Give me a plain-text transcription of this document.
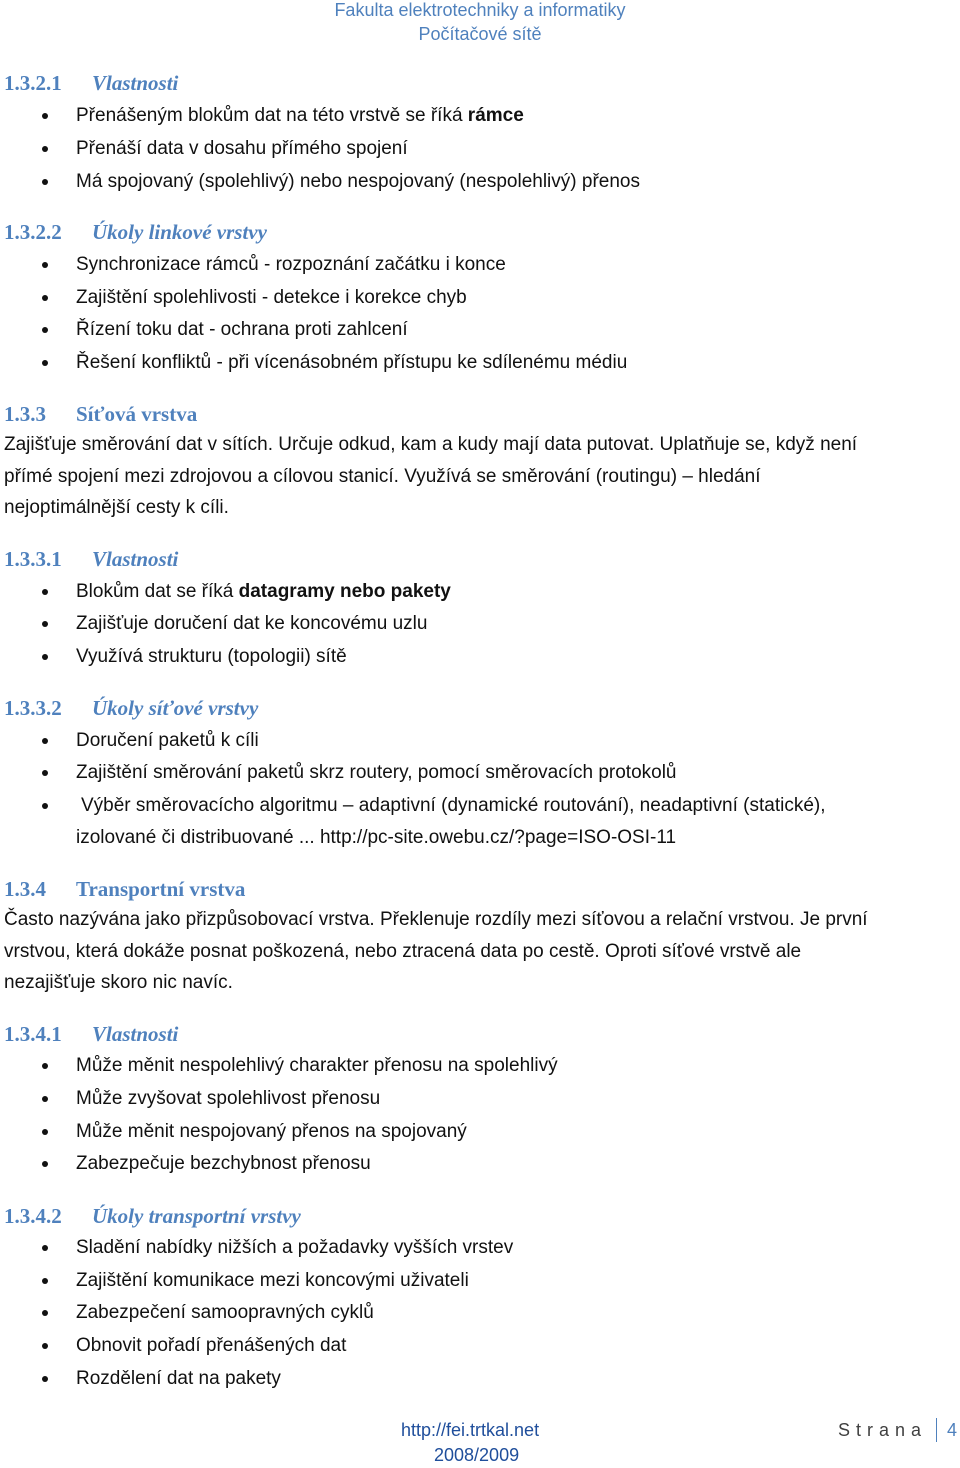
Fakulta elektrotechniky a informatiky
Počítačové sítě
1.3.2.1 Vlastnosti
Přenášeným blokům dat na této vrstvě se říká rámce
Přenáší data v dosahu přímého spojení
Má spojovaný (spolehlivý) nebo nespojovaný (nespolehlivý) přenos
1.3.2.2 Úkoly linkové vrstvy
Synchronizace rámců - rozpoznání začátku i konce
Zajištění spolehlivosti - detekce i korekce chyb
Řízení toku dat - ochrana proti zahlcení
Řešení konfliktů - při vícenásobném přístupu ke sdílenému médiu
1.3.3 Síťová vrstva
Zajišťuje směrování dat v sítích. Určuje odkud, kam a kudy mají data putovat. Uplatňuje se, když není
přímé spojení mezi zdrojovou a cílovou stanicí. Využívá se směrování (routingu) – hledání
nejoptimálnější cesty k cíli.
1.3.3.1 Vlastnosti
Blokům dat se říká datagramy nebo pakety
Zajišťuje doručení dat ke koncovému uzlu
Využívá strukturu (topologii) sítě
1.3.3.2 Úkoly síťové vrstvy
Doručení paketů k cíli
Zajištění směrování paketů skrz routery, pomocí směrovacích protokolů
Výběr směrovacícho algoritmu – adaptivní (dynamické routování), neadaptivní (statické),
izolované či distribuované ... http://pc-site.owebu.cz/?page=ISO-OSI-11
1.3.4 Transportní vrstva
Často nazývána jako přizpůsobovací vrstva. Překlenuje rozdíly mezi síťovou a relační vrstvou. Je první
vrstvou, která dokáže posnat poškozená, nebo ztracená data po cestě. Oproti síťové vrstvě ale
nezajišťuje skoro nic navíc.
1.3.4.1 Vlastnosti
Může měnit nespolehlivý charakter přenosu na spolehlivý
Může zvyšovat spolehlivost přenosu
Může měnit nespojovaný přenos na spojovaný
Zabezpečuje bezchybnost přenosu
1.3.4.2 Úkoly transportní vrstvy
Sladění nabídky nižších a požadavky vyšších vrstev
Zajištění komunikace mezi koncovými uživateli
Zabezpečení samoopravných cyklů
Obnovit pořadí přenášených dat
Rozdělení dat na pakety
http://fei.trtkal.net
2008/2009
Strana 4
